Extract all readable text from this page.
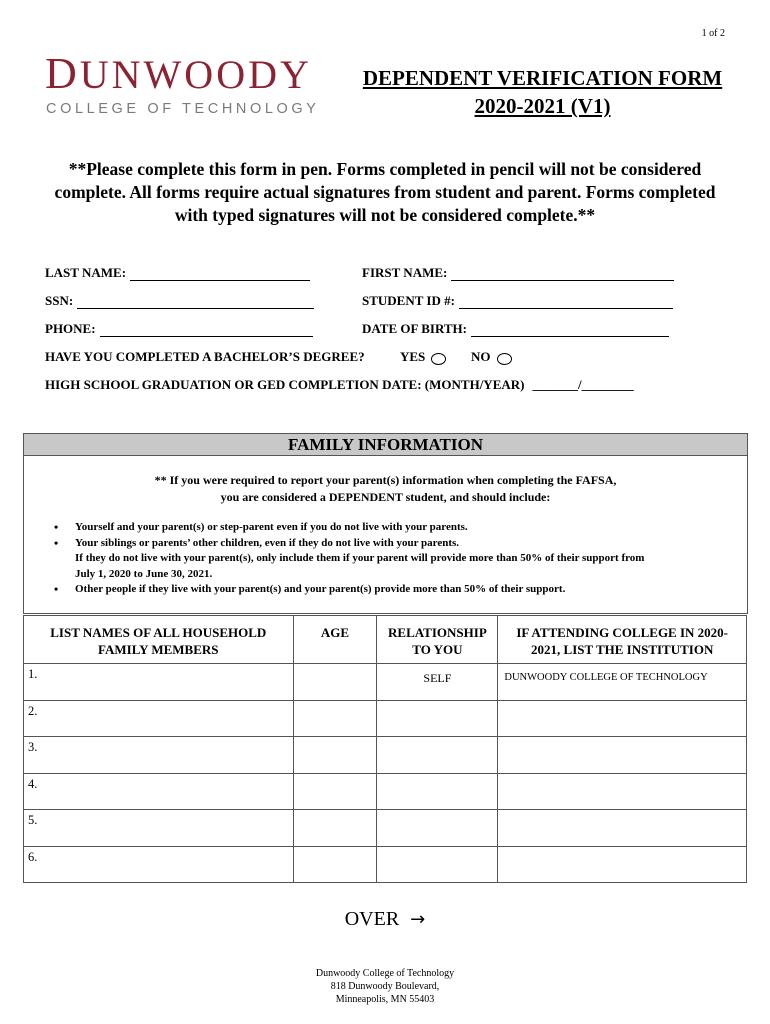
1 of 2
DUNWOODY
COLLEGE OF TECHNOLOGY
DEPENDENT VERIFICATION FORM
2020-2021 (V1)
**Please complete this form in pen. Forms completed in pencil will not be considered complete. All forms require actual signatures from student and parent. Forms completed with typed signatures will not be considered complete.**
LAST NAME:	FIRST NAME:
SSN:	STUDENT ID #:
PHONE:	DATE OF BIRTH:
HAVE YOU COMPLETED A BACHELOR’S DEGREE?	YES	NO
HIGH SCHOOL GRADUATION OR GED COMPLETION DATE: (MONTH/YEAR) _______/________
FAMILY INFORMATION
** If you were required to report your parent(s) information when completing the FAFSA,
you are considered a DEPENDENT student, and should include:
• Yourself and your parent(s) or step-parent even if you do not live with your parents.
• Your siblings or parents’ other children, even if they do not live with your parents.
If they do not live with your parent(s), only include them if your parent will provide more than 50% of their support from
July 1, 2020 to June 30, 2021.
• Other people if they live with your parent(s) and your parent(s) provide more than 50% of their support.
LIST NAMES OF ALL HOUSEHOLD FAMILY MEMBERS	AGE	RELATIONSHIP TO YOU	IF ATTENDING COLLEGE IN 2020-2021, LIST THE INSTITUTION
1.		SELF	DUNWOODY COLLEGE OF TECHNOLOGY
2.			
3.			
4.			
5.			
6.			
OVER →
Dunwoody College of Technology
818 Dunwoody Boulevard,
Minneapolis, MN 55403
